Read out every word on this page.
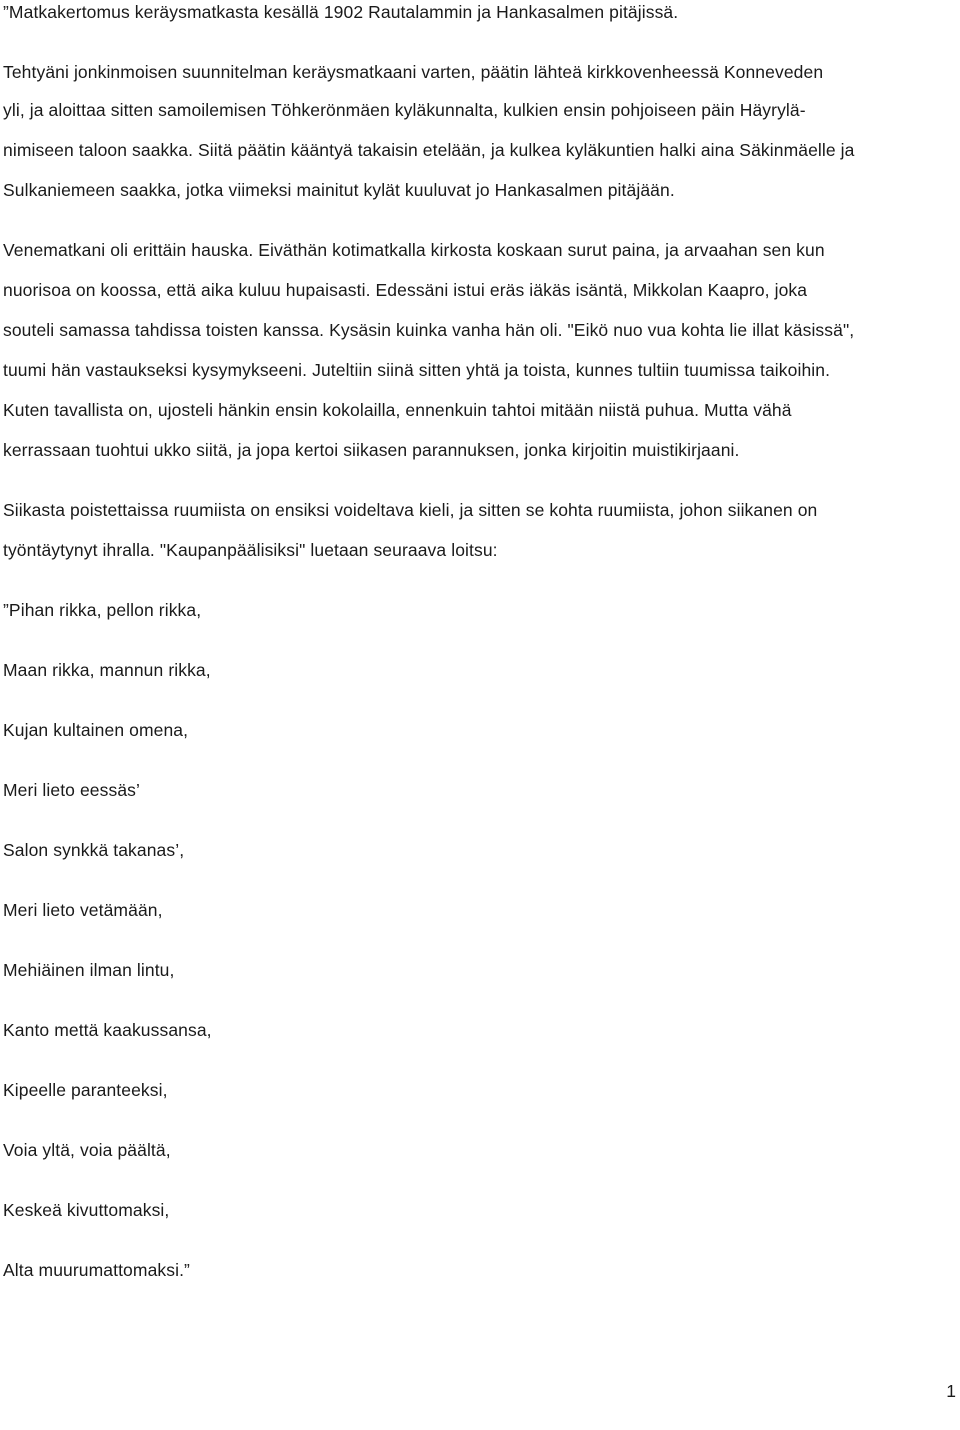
”Matkakertomus keräysmatkasta kesällä 1902 Rautalammin ja Hankasalmen pitäjissä.
Tehtyäni jonkinmoisen suunnitelman keräysmatkaani varten, päätin lähteä kirkkovenheessä Konneveden
yli, ja aloittaa sitten samoilemisen Töhkerönmäen kyläkunnalta, kulkien ensin pohjoiseen päin Häyrylä-
nimiseen taloon saakka. Siitä päätin kääntyä takaisin etelään, ja kulkea kyläkuntien halki aina Säkinmäelle ja
Sulkaniemeen saakka, jotka viimeksi mainitut kylät kuuluvat jo Hankasalmen pitäjään.
Venematkani oli erittäin hauska. Eiväthän kotimatkalla kirkosta koskaan surut paina, ja arvaahan sen kun
nuorisoa on koossa, että aika kuluu hupaisasti. Edessäni istui eräs iäkäs isäntä, Mikkolan Kaapro, joka
souteli samassa tahdissa toisten kanssa. Kysäsin kuinka vanha hän oli. "Eikö nuo vua kohta lie illat käsissä",
tuumi hän vastaukseksi kysymykseeni. Juteltiin siinä sitten yhtä ja toista, kunnes tultiin tuumissa taikoihin.
Kuten tavallista on, ujosteli hänkin ensin kokolailla, ennenkuin tahtoi mitään niistä puhua. Mutta vähä
kerrassaan tuohtui ukko siitä, ja jopa kertoi siikasen parannuksen, jonka kirjoitin muistikirjaani.
Siikasta poistettaissa ruumiista on ensiksi voideltava kieli, ja sitten se kohta ruumiista, johon siikanen on
työntäytynyt ihralla. "Kaupanpäälisiksi" luetaan seuraava loitsu:
”Pihan rikka, pellon rikka,
Maan rikka, mannun rikka,
Kujan kultainen omena,
Meri lieto eessäs’
Salon synkkä takanas’,
Meri lieto vetämään,
Mehiäinen ilman lintu,
Kanto mettä kaakussansa,
Kipeelle paranteeksi,
Voia yltä, voia päältä,
Keskeä kivuttomaksi,
Alta muurumattomaksi.”
1
